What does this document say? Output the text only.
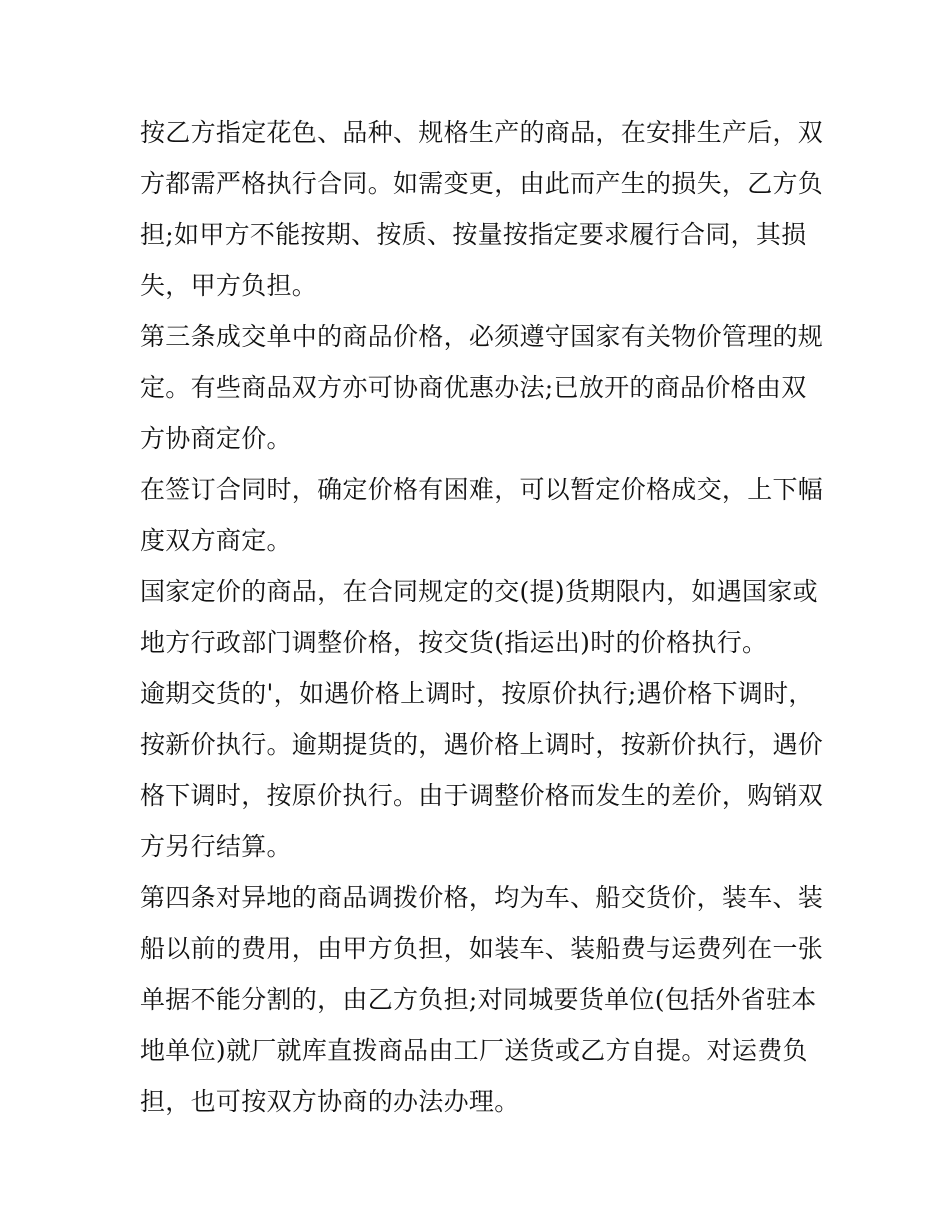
按乙方指定花色、品种、规格生产的商品，在安排生产后，双
方都需严格执行合同。如需变更，由此而产生的损失，乙方负
担;如甲方不能按期、按质、按量按指定要求履行合同，其损
失，甲方负担。
第三条成交单中的商品价格，必须遵守国家有关物价管理的规
定。有些商品双方亦可协商优惠办法;已放开的商品价格由双
方协商定价。
在签订合同时，确定价格有困难，可以暂定价格成交，上下幅
度双方商定。
国家定价的商品，在合同规定的交(提)货期限内，如遇国家或
地方行政部门调整价格，按交货(指运出)时的价格执行。
逾期交货的'，如遇价格上调时，按原价执行;遇价格下调时，
按新价执行。逾期提货的，遇价格上调时，按新价执行，遇价
格下调时，按原价执行。由于调整价格而发生的差价，购销双
方另行结算。
第四条对异地的商品调拨价格，均为车、船交货价，装车、装
船以前的费用，由甲方负担，如装车、装船费与运费列在一张
单据不能分割的，由乙方负担;对同城要货单位(包括外省驻本
地单位)就厂就库直拨商品由工厂送货或乙方自提。对运费负
担，也可按双方协商的办法办理。
